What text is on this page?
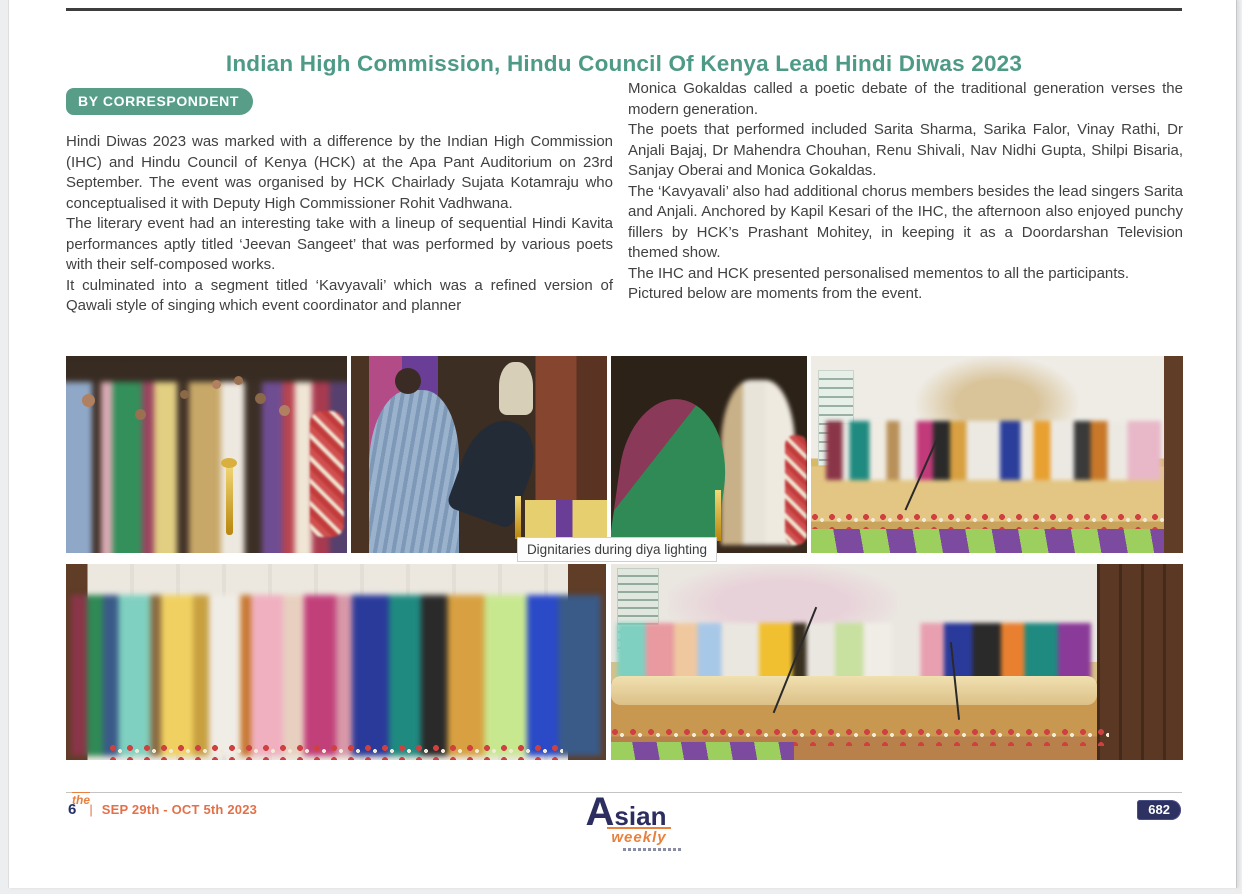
Indian High Commission, Hindu Council Of Kenya Lead Hindi Diwas 2023
BY CORRESPONDENT

Hindi Diwas 2023 was marked with a difference by the Indian High Commission (IHC) and Hindu Council of Kenya (HCK) at the Apa Pant Auditorium on 23rd September. The event was organised by HCK Chairlady Sujata Kotamraju who conceptualised it with Deputy High Commissioner Rohit Vadhwana.

The literary event had an interesting take with a lineup of sequential Hindi Kavita performances aptly titled ‘Jeevan Sangeet’ that was performed by various poets with their self-composed works.

It culminated into a segment titled ‘Kavyavali’ which was a refined version of Qawali style of singing which event coordinator and planner

Monica Gokaldas called a poetic debate of the traditional generation verses the modern generation.

The poets that performed included Sarita Sharma, Sarika Falor, Vinay Rathi, Dr Anjali Bajaj, Dr Mahendra Chouhan, Renu Shivali, Nav Nidhi Gupta, Shilpi Bisaria, Sanjay Oberai and Monica Gokaldas.

The ‘Kavyavali’ also had additional chorus members besides the lead singers Sarita and Anjali. Anchored by Kapil Kesari of the IHC, the afternoon also enjoyed punchy fillers by HCK’s Prashant Mohitey, in keeping it as a Doordarshan Television themed show.

The IHC and HCK presented personalised mementos to all the participants.

Pictured below are moments from the event.

Dignitaries during diya lighting
6 | SEP 29th - OCT 5th 2023
$\overline{the}$	Asian
weekly
682
